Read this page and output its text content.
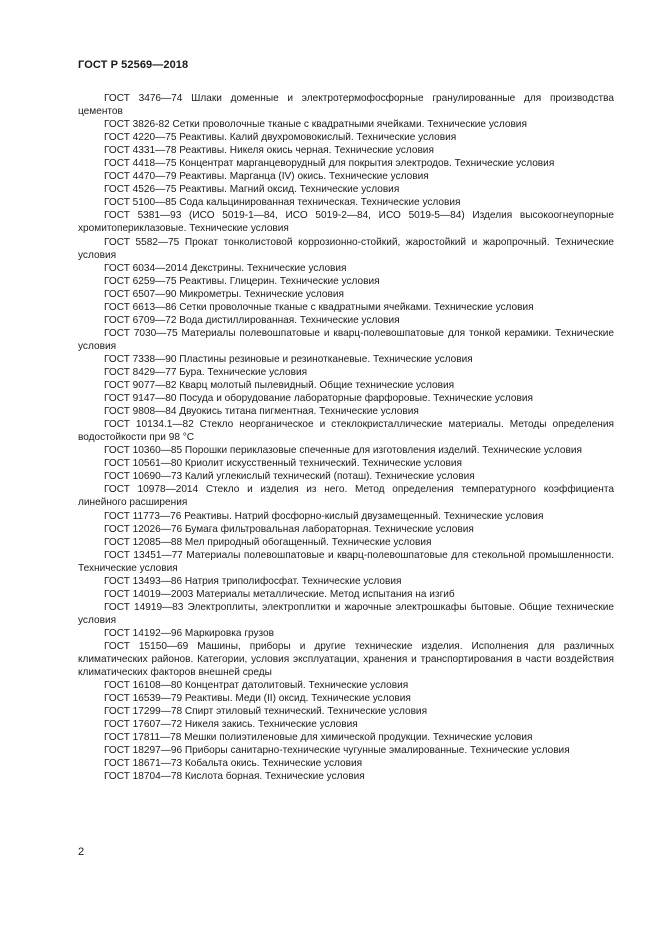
ГОСТ Р 52569—2018

ГОСТ 3476—74 Шлаки доменные и электротермофосфорные гранулированные для производства цементов

ГОСТ 3826-82 Сетки проволочные тканые с квадратными ячейками. Технические условия

ГОСТ 4220—75 Реактивы. Калий двухромовокислый. Технические условия

ГОСТ 4331—78 Реактивы. Никеля окись черная. Технические условия

ГОСТ 4418—75 Концентрат марганцеворудный для покрытия электродов. Технические условия

ГОСТ 4470—79 Реактивы. Марганца (IV) окись. Технические условия

ГОСТ 4526—75 Реактивы. Магний оксид. Технические условия

ГОСТ 5100—85 Сода кальцинированная техническая. Технические условия

ГОСТ 5381—93 (ИСО 5019-1—84, ИСО 5019-2—84, ИСО 5019-5—84) Изделия высокоогнеупорные хромитопериклазовые. Технические условия

ГОСТ 5582—75 Прокат тонколистовой коррозионно-стойкий, жаростойкий и жаропрочный. Технические условия

ГОСТ 6034—2014 Декстрины. Технические условия

ГОСТ 6259—75 Реактивы. Глицерин. Технические условия

ГОСТ 6507—90 Микрометры. Технические условия

ГОСТ 6613—86 Сетки проволочные тканые с квадратными ячейками. Технические условия

ГОСТ 6709—72 Вода дистиллированная. Технические условия

ГОСТ 7030—75 Материалы полевошпатовые и кварц-полевошпатовые для тонкой керамики. Технические условия

ГОСТ 7338—90 Пластины резиновые и резинотканевые. Технические условия

ГОСТ 8429—77 Бура. Технические условия

ГОСТ 9077—82 Кварц молотый пылевидный. Общие технические условия

ГОСТ 9147—80 Посуда и оборудование лабораторные фарфоровые. Технические условия

ГОСТ 9808—84 Двуокись титана пигментная. Технические условия

ГОСТ 10134.1—82 Стекло неорганическое и стеклокристаллические материалы. Методы определения водостойкости при 98 °C

ГОСТ 10360—85 Порошки периклазовые спеченные для изготовления изделий. Технические условия

ГОСТ 10561—80 Криолит искусственный технический. Технические условия

ГОСТ 10690—73 Калий углекислый технический (поташ). Технические условия

ГОСТ 10978—2014 Стекло и изделия из него. Метод определения температурного коэффициента линейного расширения

ГОСТ 11773—76 Реактивы. Натрий фосфорно-кислый двузамещенный. Технические условия

ГОСТ 12026—76 Бумага фильтровальная лабораторная. Технические условия

ГОСТ 12085—88 Мел природный обогащенный. Технические условия

ГОСТ 13451—77 Материалы полевошпатовые и кварц-полевошпатовые для стекольной промышленности. Технические условия

ГОСТ 13493—86 Натрия триполифосфат. Технические условия

ГОСТ 14019—2003 Материалы металлические. Метод испытания на изгиб

ГОСТ 14919—83 Электроплиты, электроплитки и жарочные электрошкафы бытовые. Общие технические условия

ГОСТ 14192—96 Маркировка грузов

ГОСТ 15150—69 Машины, приборы и другие технические изделия. Исполнения для различных климатических районов. Категории, условия эксплуатации, хранения и транспортирования в части воздействия климатических факторов внешней среды

ГОСТ 16108—80 Концентрат датолитовый. Технические условия

ГОСТ 16539—79 Реактивы. Меди (II) оксид. Технические условия

ГОСТ 17299—78 Спирт этиловый технический. Технические условия

ГОСТ 17607—72 Никеля закись. Технические условия

ГОСТ 17811—78 Мешки полиэтиленовые для химической продукции. Технические условия

ГОСТ 18297—96 Приборы санитарно-технические чугунные эмалированные. Технические условия

ГОСТ 18671—73 Кобальта окись. Технические условия

ГОСТ 18704—78 Кислота борная. Технические условия

2
